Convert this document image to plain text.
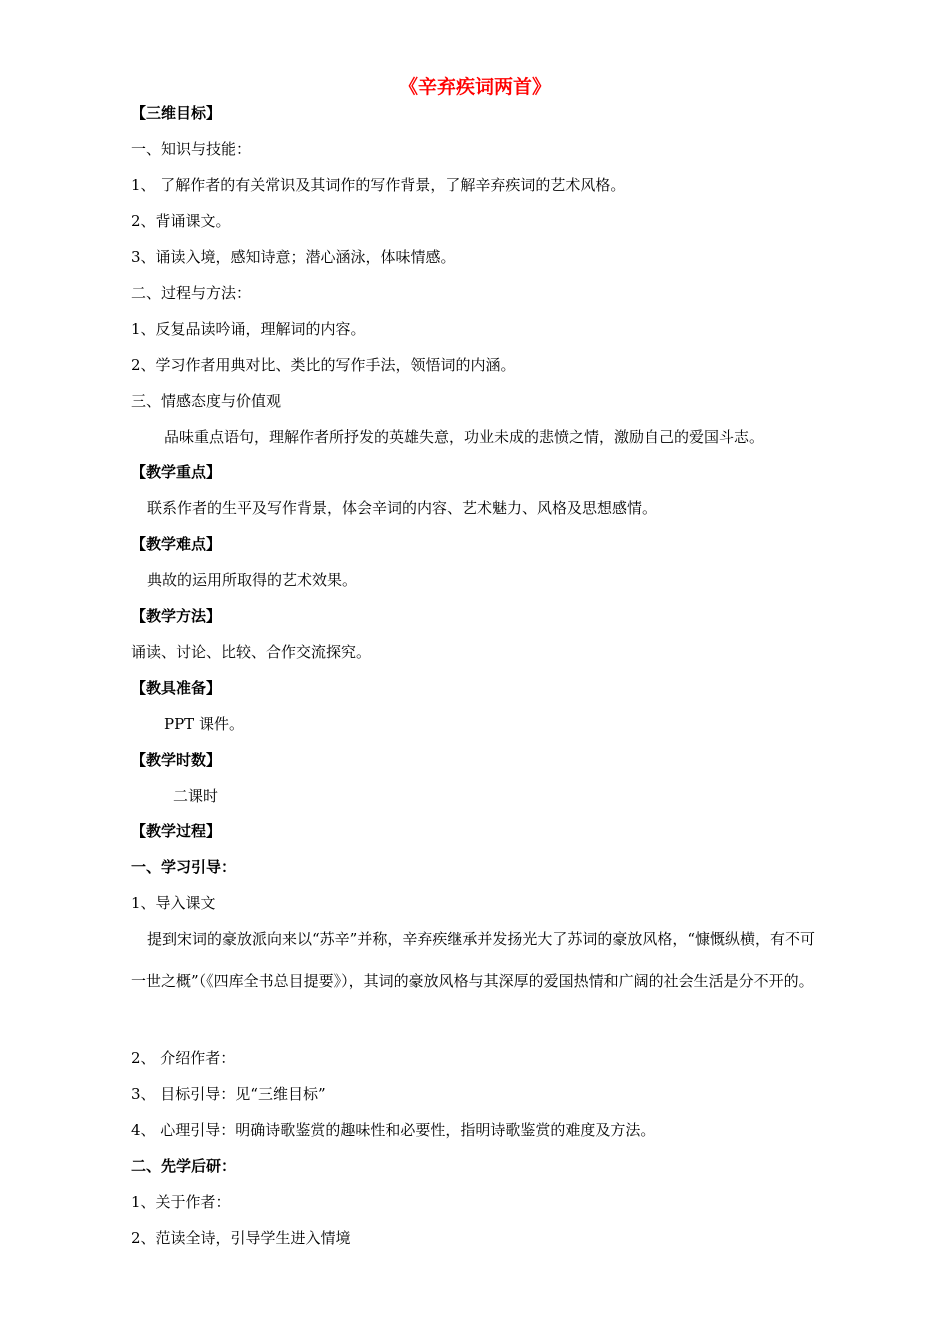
《辛弃疾词两首》
【三维目标】
一、知识与技能：
1、 了解作者的有关常识及其词作的写作背景，了解辛弃疾词的艺术风格。
2、背诵课文。
3、诵读入境，感知诗意；潜心涵泳，体味情感。
二、过程与方法：
1、反复品读吟诵，理解词的内容。
2、学习作者用典对比、类比的写作手法，领悟词的内涵。
三、情感态度与价值观
品味重点语句，理解作者所抒发的英雄失意，功业未成的悲愤之情，激励自己的爱国斗志。
【教学重点】
联系作者的生平及写作背景，体会辛词的内容、艺术魅力、风格及思想感情。
【教学难点】
典故的运用所取得的艺术效果。
【教学方法】
诵读、讨论、比较、合作交流探究。
【教具准备】
PPT 课件。
【教学时数】
二课时
【教学过程】
一、学习引导：
1、导入课文
提到宋词的豪放派向来以“苏辛”并称，辛弃疾继承并发扬光大了苏词的豪放风格，“慷慨纵横，有不可一世之概”（《四库全书总目提要》），其词的豪放风格与其深厚的爱国热情和广阔的社会生活是分不开的。
2、 介绍作者：
3、 目标引导：见“三维目标”
4、 心理引导：明确诗歌鉴赏的趣味性和必要性，指明诗歌鉴赏的难度及方法。
二、先学后研：
1、关于作者：
2、范读全诗，引导学生进入情境
